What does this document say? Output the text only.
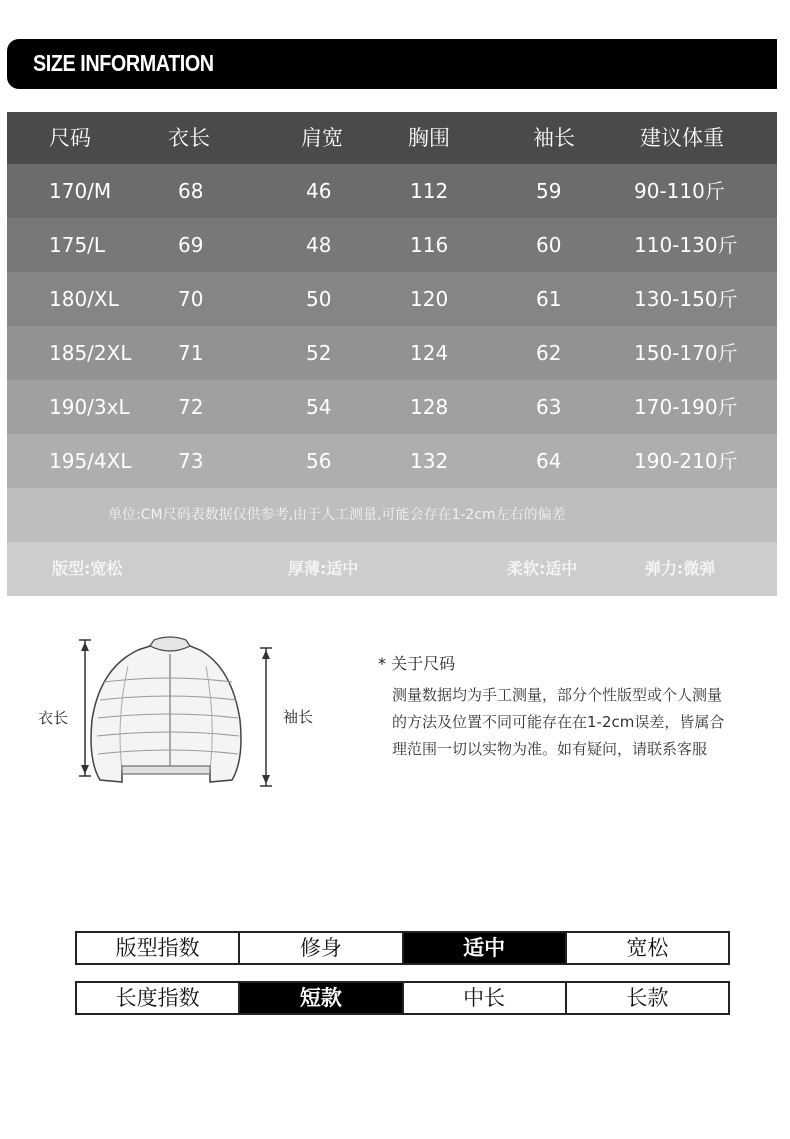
SIZE INFORMATION
尺码	衣长	肩宽	胸围	袖长	建议体重
170/M	68	46	112	59	90-110斤
175/L	69	48	116	60	110-130斤
180/XL	70	50	120	61	130-150斤
185/2XL 71	52	124	62	150-170斤
190/3xL 72	54	128	63	170-190斤
195/4XL 73	56	132	64	190-210斤
单位:CM尺码表数据仅供参考,由于人工测量,可能会存在1-2cm左右的偏差
版型:宽松	厚薄:适中	柔软:适中	弹力:微弹
衣长	袖长
* 关于尺码
测量数据均为手工测量，部分个性版型或个人测量
的方法及位置不同可能存在在1-2cm误差，皆属合
理范围一切以实物为准。如有疑问，请联系客服
版型指数	修身	适中	宽松
长度指数	短款	中长	长款
